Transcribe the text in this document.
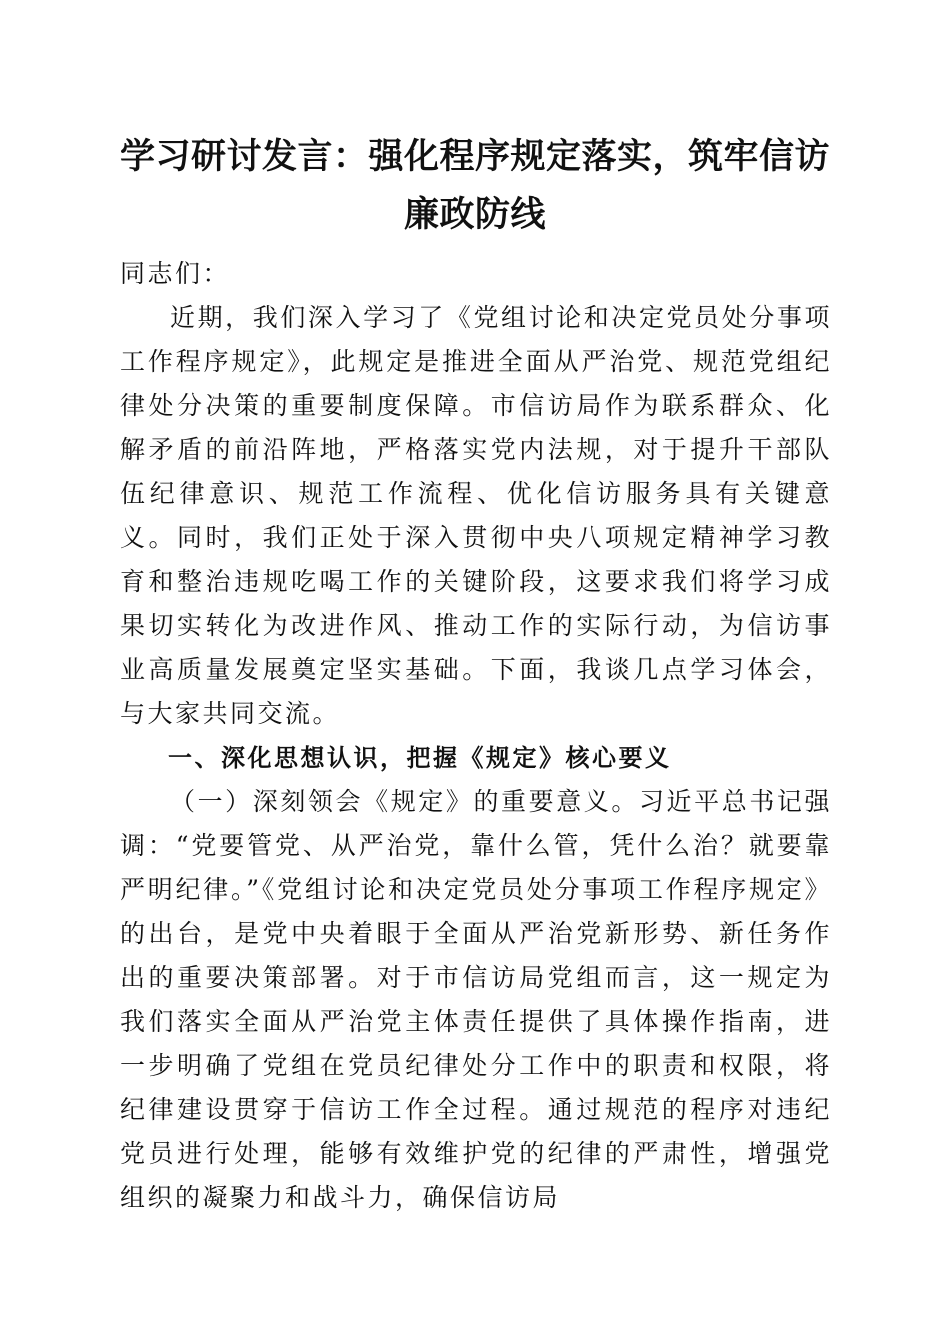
学习研讨发言：强化程序规定落实，筑牢信访廉政防线

同志们：

近期，我们深入学习了《党组讨论和决定党员处分事项工作程序规定》，此规定是推进全面从严治党、规范党组纪律处分决策的重要制度保障。市信访局作为联系群众、化解矛盾的前沿阵地，严格落实党内法规，对于提升干部队伍纪律意识、规范工作流程、优化信访服务具有关键意义。同时，我们正处于深入贯彻中央八项规定精神学习教育和整治违规吃喝工作的关键阶段，这要求我们将学习成果切实转化为改进作风、推动工作的实际行动，为信访事业高质量发展奠定坚实基础。下面，我谈几点学习体会，与大家共同交流。

一、深化思想认识，把握《规定》核心要义

（一）深刻领会《规定》的重要意义。习近平总书记强调：“党要管党、从严治党，靠什么管，凭什么治？就要靠严明纪律。”《党组讨论和决定党员处分事项工作程序规定》的出台，是党中央着眼于全面从严治党新形势、新任务作出的重要决策部署。对于市信访局党组而言，这一规定为我们落实全面从严治党主体责任提供了具体操作指南，进一步明确了党组在党员纪律处分工作中的职责和权限，将纪律建设贯穿于信访工作全过程。通过规范的程序对违纪党员进行处理，能够有效维护党的纪律的严肃性，增强党组织的凝聚力和战斗力，确保信访局
